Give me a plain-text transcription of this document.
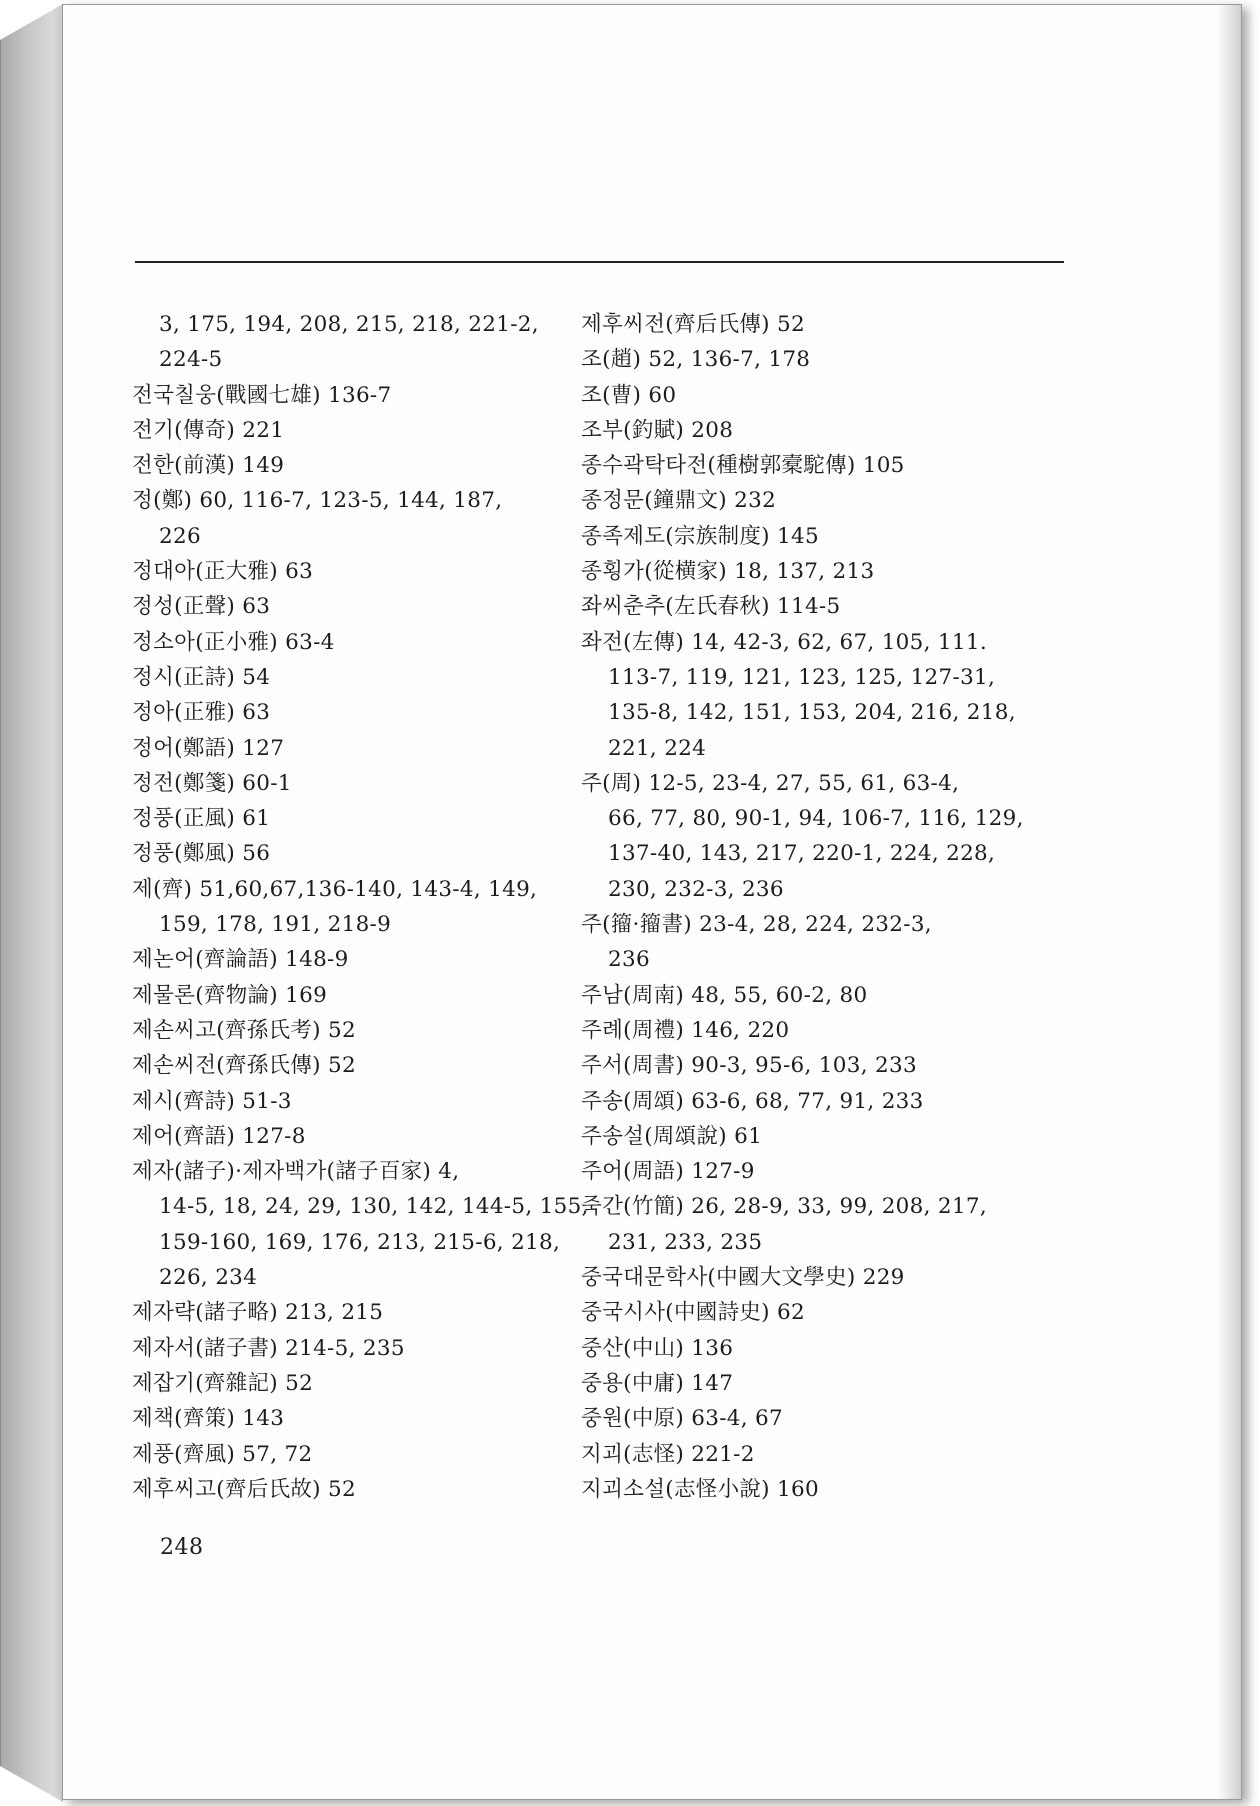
3, 175, 194, 208, 215, 218, 221-2,
224-5
전국칠웅(戰國七雄) 136-7
전기(傳奇) 221
전한(前漢) 149
정(鄭) 60, 116-7, 123-5, 144, 187,
226
정대아(正大雅) 63
정성(正聲) 63
정소아(正小雅) 63-4
정시(正詩) 54
정아(正雅) 63
정어(鄭語) 127
정전(鄭箋) 60-1
정풍(正風) 61
정풍(鄭風) 56
제(齊) 51,60,67,136-140, 143-4, 149,
159, 178, 191, 218-9
제논어(齊論語) 148-9
제물론(齊物論) 169
제손씨고(齊孫氏考) 52
제손씨전(齊孫氏傳) 52
제시(齊詩) 51-3
제어(齊語) 127-8
제자(諸子)·제자백가(諸子百家) 4,
14-5, 18, 24, 29, 130, 142, 144-5, 155,
159-160, 169, 176, 213, 215-6, 218,
226, 234
제자략(諸子略) 213, 215
제자서(諸子書) 214-5, 235
제잡기(齊雜記) 52
제책(齊策) 143
제풍(齊風) 57, 72
제후씨고(齊后氏故) 52
제후씨전(齊后氏傳) 52
조(趙) 52, 136-7, 178
조(曹) 60
조부(釣賦) 208
종수곽탁타전(種樹郭槖駝傳) 105
종정문(鐘鼎文) 232
종족제도(宗族制度) 145
종횡가(從横家) 18, 137, 213
좌씨춘추(左氏春秋) 114-5
좌전(左傳) 14, 42-3, 62, 67, 105, 111.
113-7, 119, 121, 123, 125, 127-31,
135-8, 142, 151, 153, 204, 216, 218,
221, 224
주(周) 12-5, 23-4, 27, 55, 61, 63-4,
66, 77, 80, 90-1, 94, 106-7, 116, 129,
137-40, 143, 217, 220-1, 224, 228,
230, 232-3, 236
주(籀·籀書) 23-4, 28, 224, 232-3,
236
주남(周南) 48, 55, 60-2, 80
주례(周禮) 146, 220
주서(周書) 90-3, 95-6, 103, 233
주송(周頌) 63-6, 68, 77, 91, 233
주송설(周頌說) 61
주어(周語) 127-9
죽간(竹簡) 26, 28-9, 33, 99, 208, 217,
231, 233, 235
중국대문학사(中國大文學史) 229
중국시사(中國詩史) 62
중산(中山) 136
중용(中庸) 147
중원(中原) 63-4, 67
지괴(志怪) 221-2
지괴소설(志怪小說) 160
248
